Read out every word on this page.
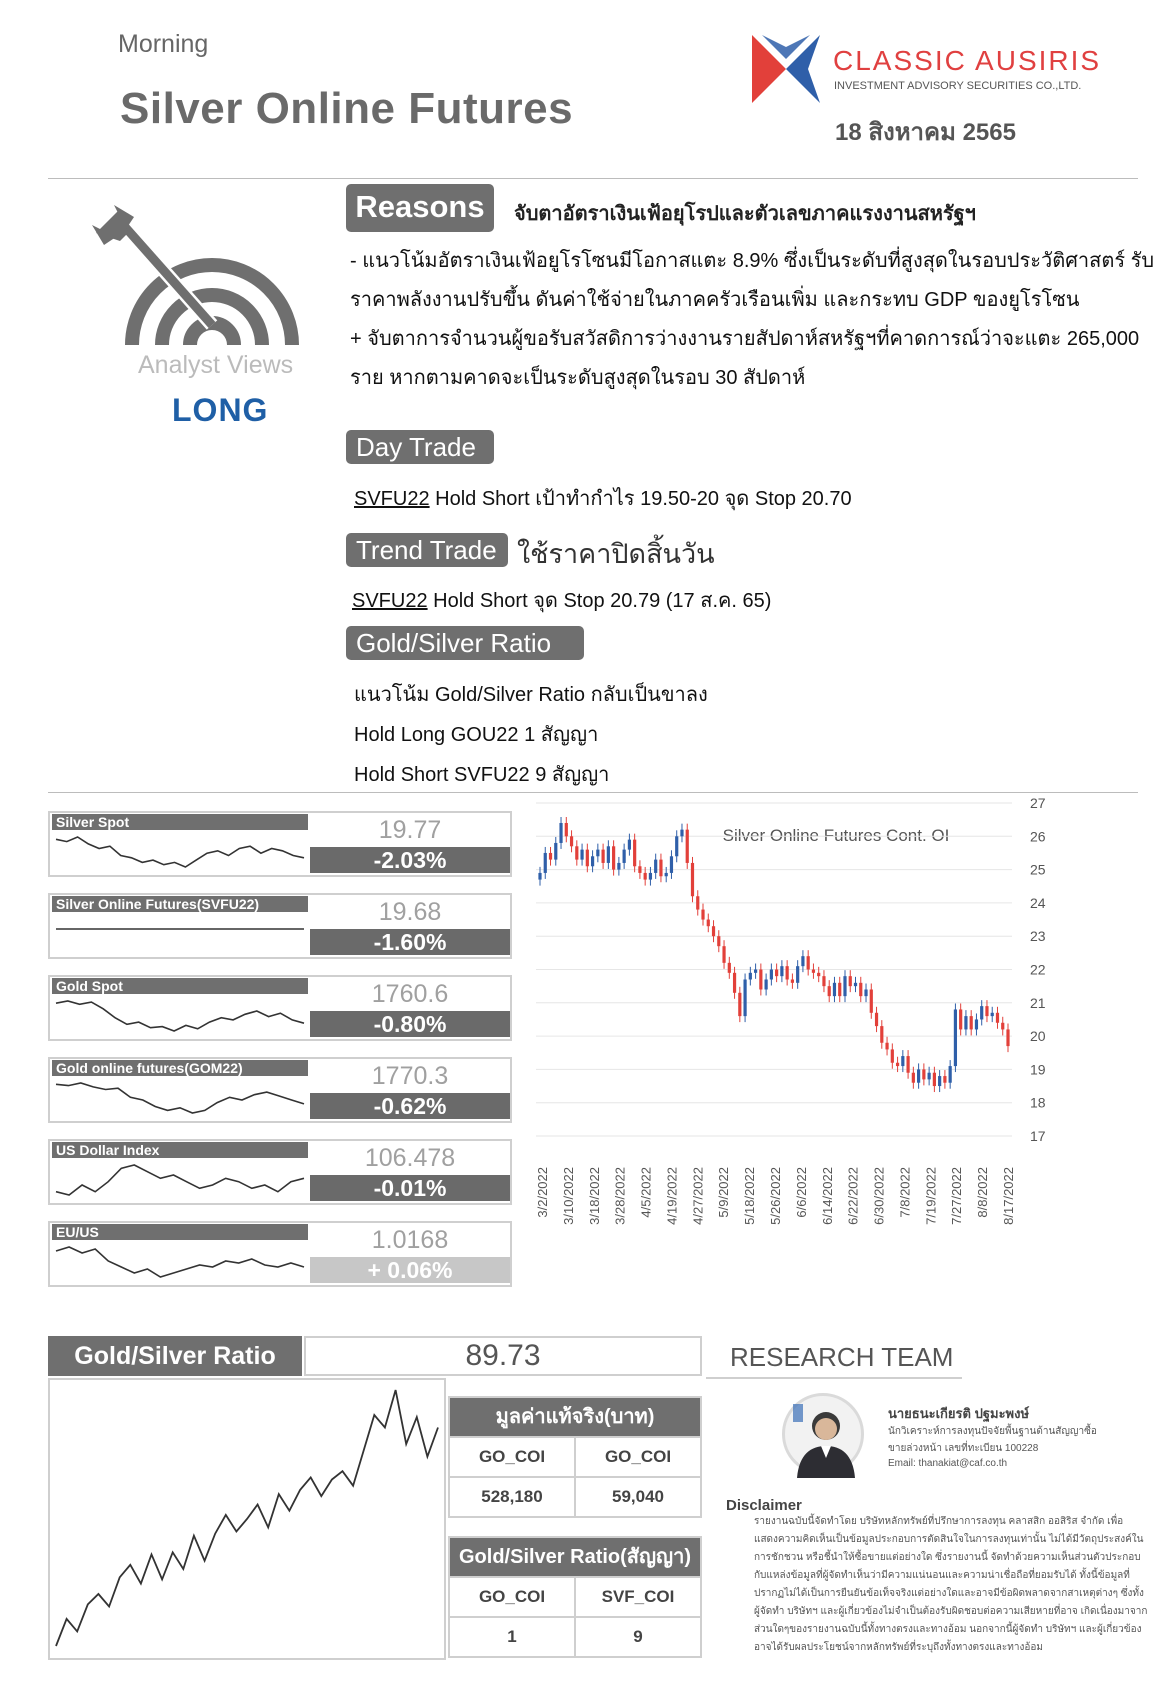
Morning
Silver Online Futures
CLASSIC AUSIRIS
INVESTMENT ADVISORY SECURITIES CO.,LTD.
18 สิงหาคม 2565
Analyst Views
LONG
Reasons	จับตาอัตราเงินเฟ้อยุโรปและตัวเลขภาคแรงงานสหรัฐฯ
- แนวโน้มอัตราเงินเฟ้อยูโรโซนมีโอกาสแตะ 8.9% ซึ่งเป็นระดับที่สูงสุดในรอบประวัติศาสตร์ รับ
ราคาพลังงานปรับขึ้น ดันค่าใช้จ่ายในภาคครัวเรือนเพิ่ม และกระทบ GDP ของยูโรโซน
+ จับตาการจำนวนผู้ขอรับสวัสดิการว่างงานรายสัปดาห์สหรัฐฯที่คาดการณ์ว่าจะแตะ 265,000
ราย หากตามคาดจะเป็นระดับสูงสุดในรอบ 30 สัปดาห์
Day Trade
SVFU22 Hold Short เป้าทำกำไร 19.50-20 จุด Stop 20.70
Trend Trade ใช้ราคาปิดสิ้นวัน
SVFU22 Hold Short จุด Stop 20.79 (17 ส.ค. 65)
Gold/Silver Ratio
แนวโน้ม Gold/Silver Ratio กลับเป็นขาลง
Hold Long GOU22 1 สัญญา
Hold Short SVFU22 9 สัญญา
Silver Spot	19.77
-2.03%
Silver Online Futures(SVFU22)	19.68
-1.60%
Gold Spot	1760.6
-0.80%
Gold online futures(GOM22)	1770.3
-0.62%
US Dollar Index	106.478
-0.01%
EU/US	1.0168
+ 0.06%
Silver Online Futures Cont. OI
27
26
25
24
23
22
21
20
19
18
17
3/2/2022 3/10/2022 3/18/2022 3/28/2022 4/5/2022 4/19/2022 4/27/2022 5/9/2022 5/18/2022 5/26/2022 6/6/2022 6/14/2022 6/22/2022 6/30/2022 7/8/2022 7/19/2022 7/27/2022 8/8/2022 8/17/2022
Gold/Silver Ratio	89.73
มูลค่าแท้จริง(บาท)
GO_COI	GO_COI
528,180	59,040
Gold/Silver Ratio(สัญญา)
GO_COI	SVF_COI
1	9
RESEARCH TEAM
นายธนะเกียรติ ปฐมะพงษ์
นักวิเคราะห์การลงทุนปัจจัยพื้นฐานด้านสัญญาซื้อ
ขายล่วงหน้า เลขที่ทะเบียน 100228
Email: thanakiat@caf.co.th
Disclaimer
รายงานฉบับนี้จัดทำโดย บริษัทหลักทรัพย์ที่ปรึกษาการลงทุน คลาสสิก ออสิริส จำกัด เพื่อ
แสดงความคิดเห็นเป็นข้อมูลประกอบการตัดสินใจในการลงทุนเท่านั้น ไม่ได้มีวัตถุประสงค์ใน
การชักชวน หรือชี้นำให้ซื้อขายแต่อย่างใด ซึ่งรายงานนี้ จัดทำด้วยความเห็นส่วนตัวประกอบ
กับแหล่งข้อมูลที่ผู้จัดทำเห็นว่ามีความแน่นอนและความน่าเชื่อถือที่ยอมรับได้ ทั้งนี้ข้อมูลที่
ปรากฏไม่ได้เป็นการยืนยันข้อเท็จจริงแต่อย่างใดและอาจมีข้อผิดพลาดจากสาเหตุต่างๆ ซึ่งทั้ง
ผู้จัดทำ บริษัทฯ และผู้เกี่ยวข้องไม่จำเป็นต้องรับผิดชอบต่อความเสียหายที่อาจ เกิดเนื่องมาจาก
ส่วนใดๆของรายงานฉบับนี้ทั้งทางตรงและทางอ้อม นอกจากนี้ผู้จัดทำ บริษัทฯ และผู้เกี่ยวข้อง
อาจได้รับผลประโยชน์จากหลักทรัพย์ที่ระบุถึงทั้งทางตรงและทางอ้อม
